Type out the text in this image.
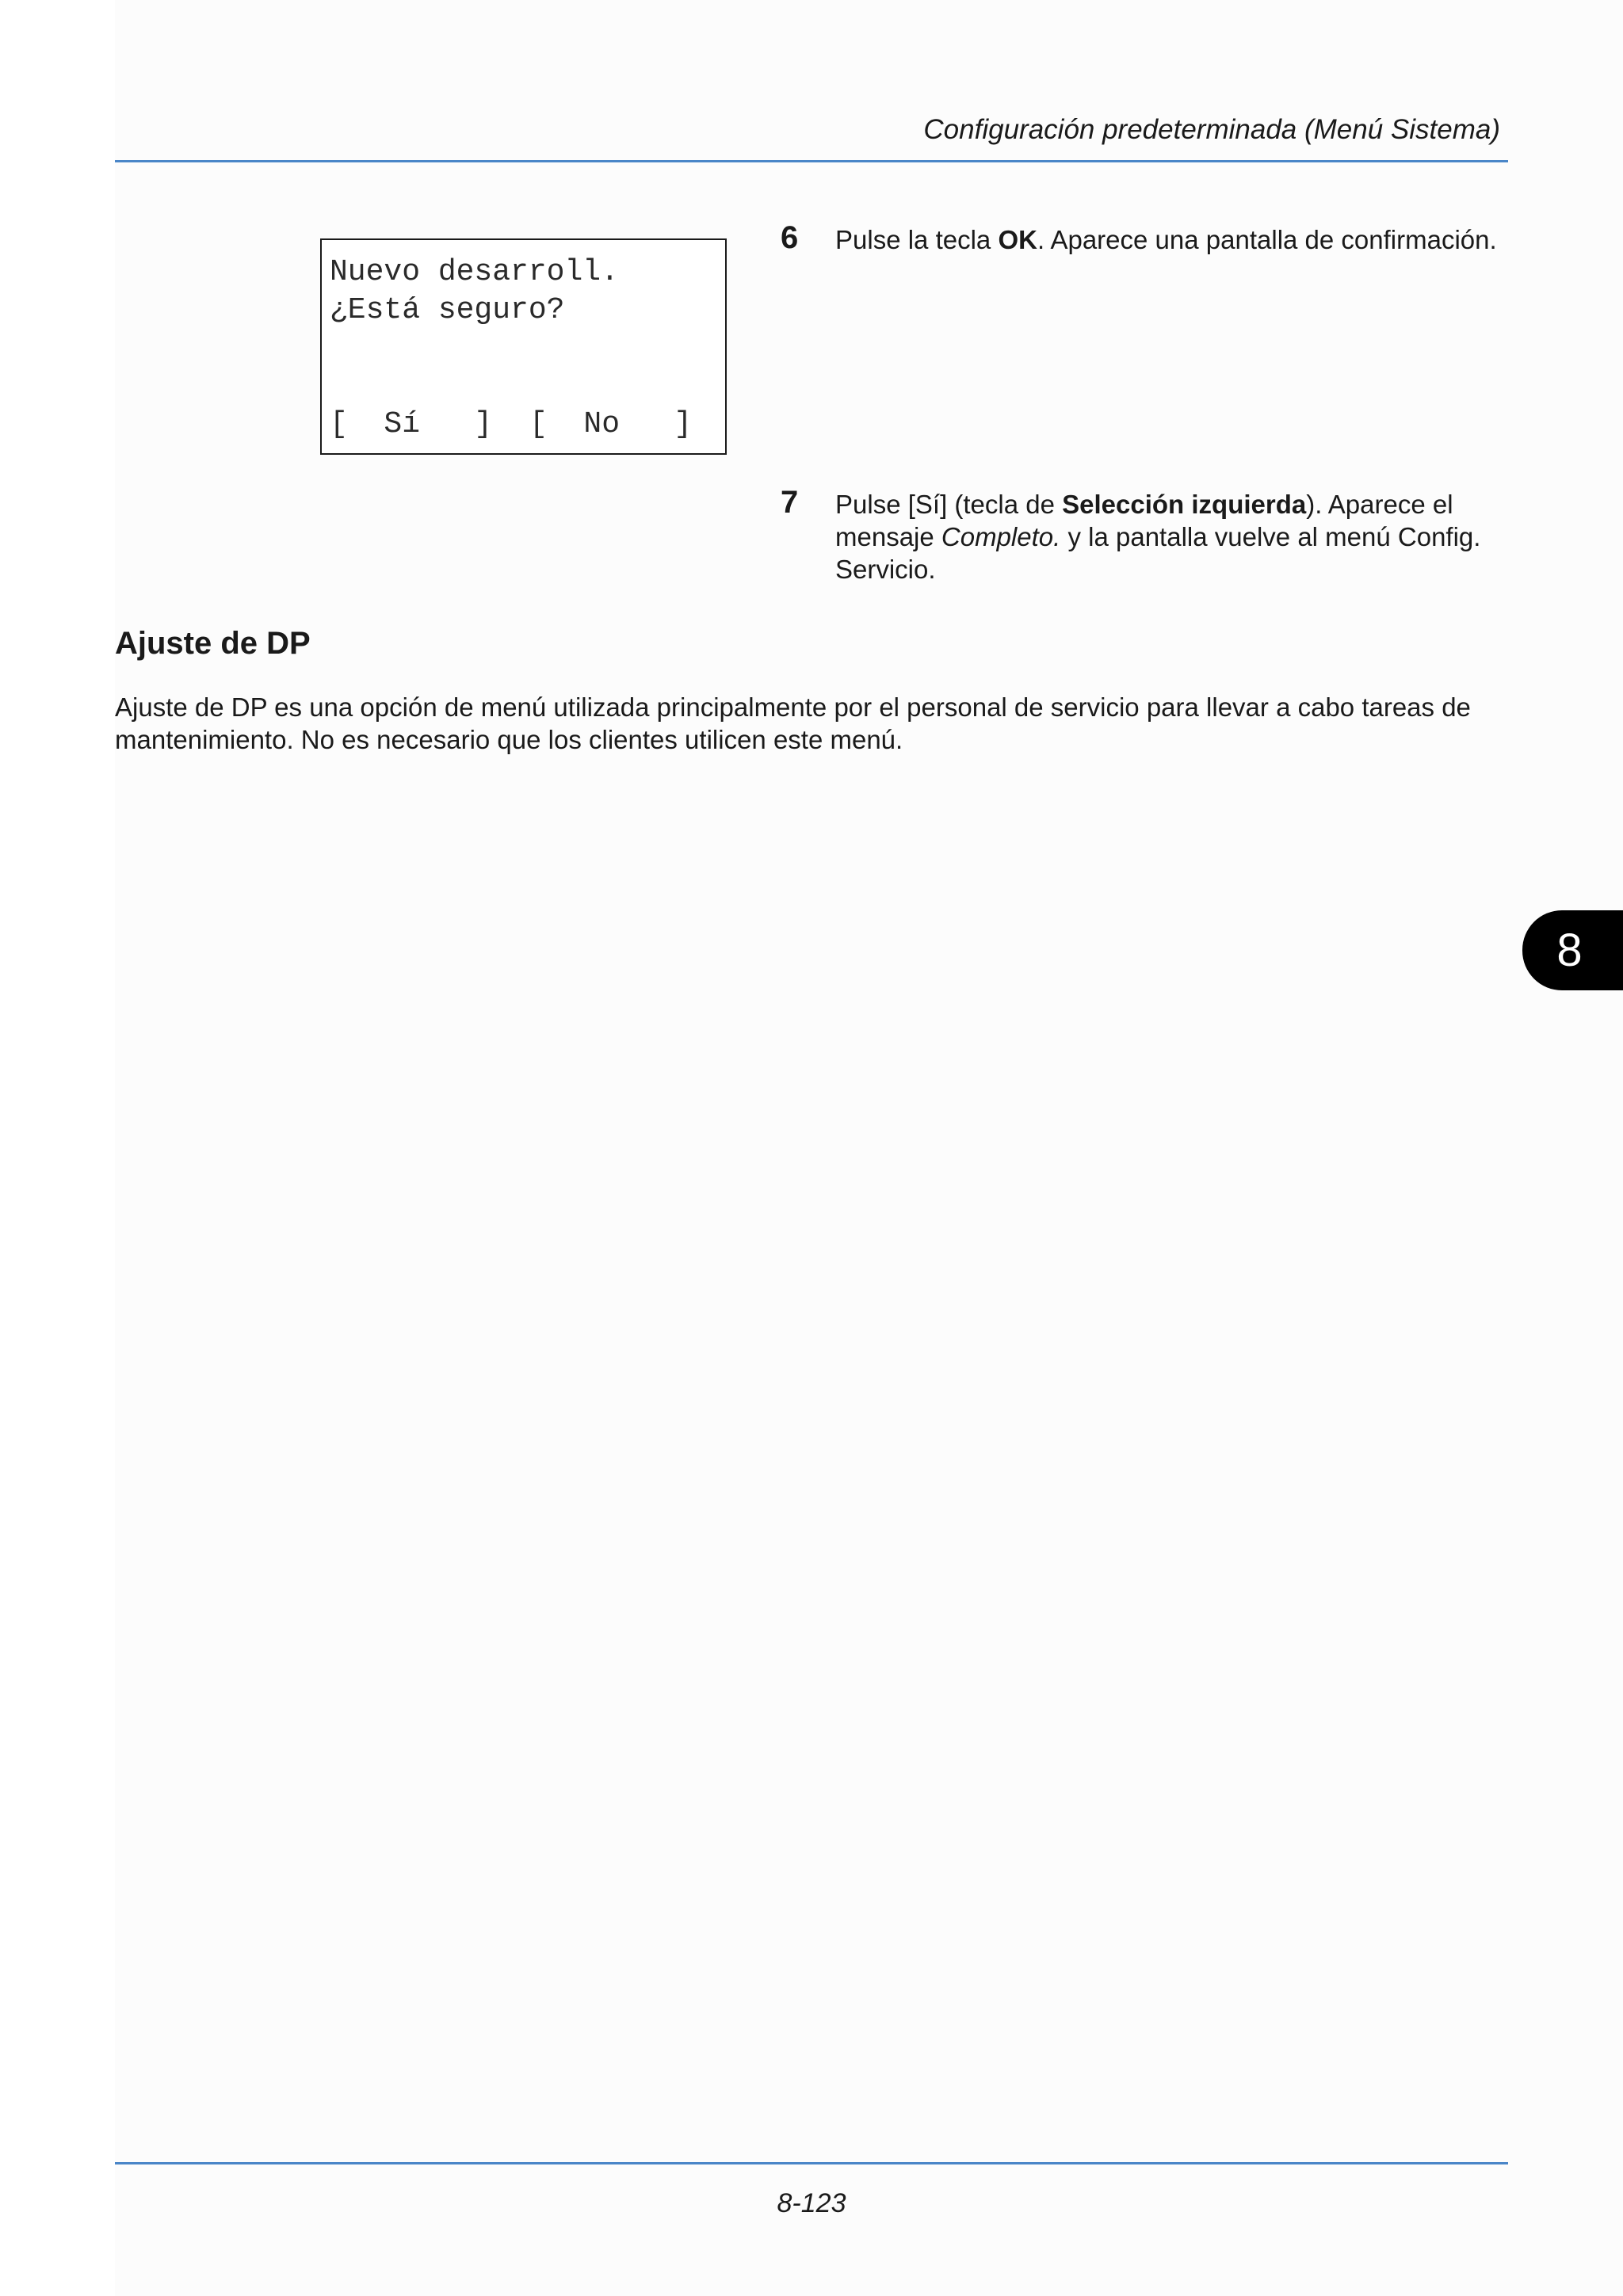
Configuración predeterminada (Menú Sistema)
Nuevo desarroll.
¿Está seguro?
[  Sí   ] [  No   ]
6 Pulse la tecla OK. Aparece una pantalla de confirmación.
7 Pulse [Sí] (tecla de Selección izquierda). Aparece el mensaje Completo. y la pantalla vuelve al menú Config. Servicio.
Ajuste de DP

Ajuste de DP es una opción de menú utilizada principalmente por el personal de servicio para llevar a cabo tareas de mantenimiento. No es necesario que los clientes utilicen este menú.

8
8-123
